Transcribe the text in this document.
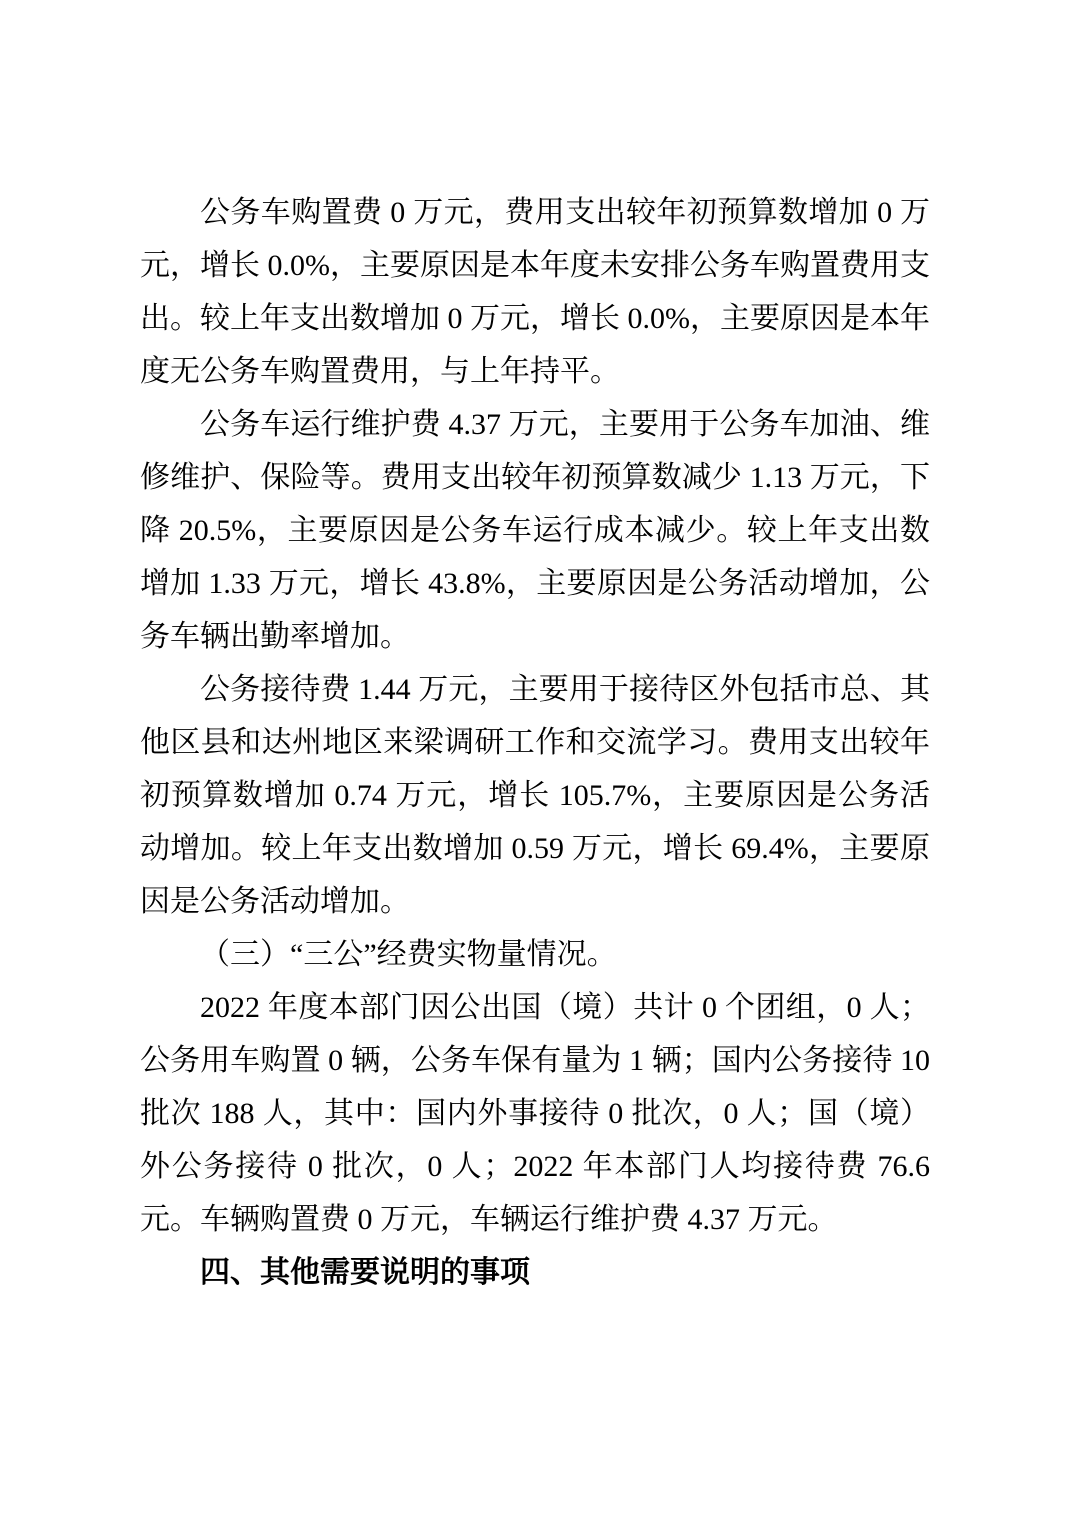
公务车购置费 0 万元，费用支出较年初预算数增加 0 万元，增长 0.0%，主要原因是本年度未安排公务车购置费用支出。较上年支出数增加 0 万元，增长 0.0%，主要原因是本年度无公务车购置费用，与上年持平。

公务车运行维护费 4.37 万元，主要用于公务车加油、维修维护、保险等。费用支出较年初预算数减少 1.13 万元，下降 20.5%，主要原因是公务车运行成本减少。较上年支出数增加 1.33 万元，增长 43.8%，主要原因是公务活动增加，公务车辆出勤率增加。

公务接待费 1.44 万元，主要用于接待区外包括市总、其他区县和达州地区来梁调研工作和交流学习。费用支出较年初预算数增加 0.74 万元，增长 105.7%，主要原因是公务活动增加。较上年支出数增加 0.59 万元，增长 69.4%，主要原因是公务活动增加。

（三）“三公”经费实物量情况。

2022 年度本部门因公出国（境）共计 0 个团组，0 人；公务用车购置 0 辆，公务车保有量为 1 辆；国内公务接待 10 批次 188 人，其中：国内外事接待 0 批次，0 人；国（境）外公务接待 0 批次，0 人；2022 年本部门人均接待费 76.6 元。车辆购置费 0 万元，车辆运行维护费 4.37 万元。

四、其他需要说明的事项
